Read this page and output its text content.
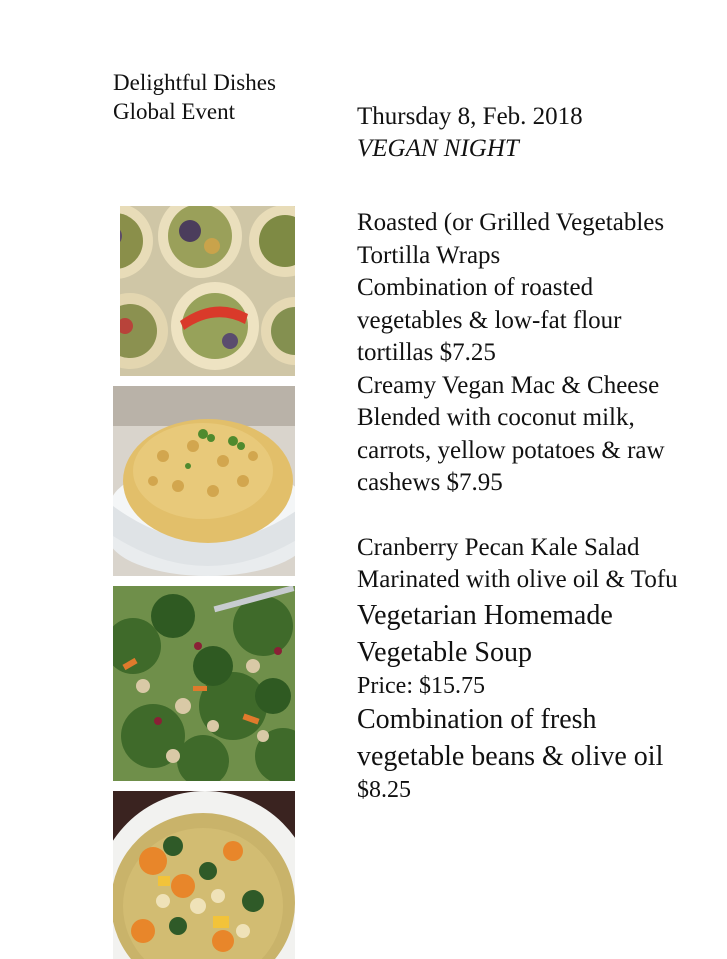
Delightful Dishes
Global Event	Thursday 8, Feb. 2018
VEGAN NIGHT
Roasted (or Grilled Vegetables
Tortilla Wraps
Combination of roasted
vegetables & low-fat flour
tortillas $7.25
Creamy Vegan Mac & Cheese
Blended with coconut milk,
carrots, yellow potatoes & raw
cashews $7.95
Cranberry Pecan Kale Salad
Marinated with olive oil & Tofu
Vegetarian Homemade
Vegetable Soup
Price: $15.75
Combination of fresh
vegetable beans & olive oil
$8.25
